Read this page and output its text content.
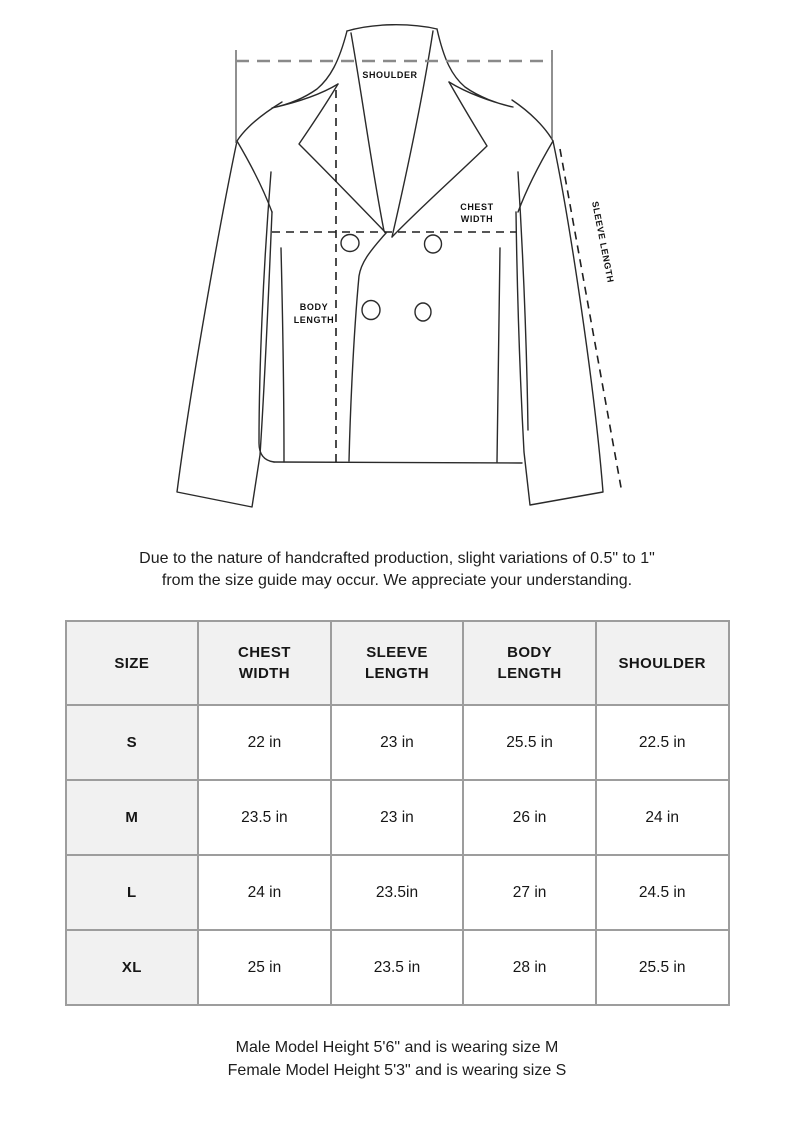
SHOULDER
CHEST
WIDTH
BODY
LENGTH
SLEEVE LENGTH
Due to the nature of handcrafted production, slight variations of 0.5" to 1"
from the size guide may occur. We appreciate your understanding.
SIZE	CHEST WIDTH	SLEEVE LENGTH	BODY LENGTH	SHOULDER
S	22 in	23 in	25.5 in	22.5 in
M	23.5 in	23 in	26 in	24 in
L	24 in	23.5in	27 in	24.5 in
XL	25 in	23.5 in	28 in	25.5 in
Male Model Height 5'6" and is wearing size M
Female Model Height 5'3" and is wearing size S
